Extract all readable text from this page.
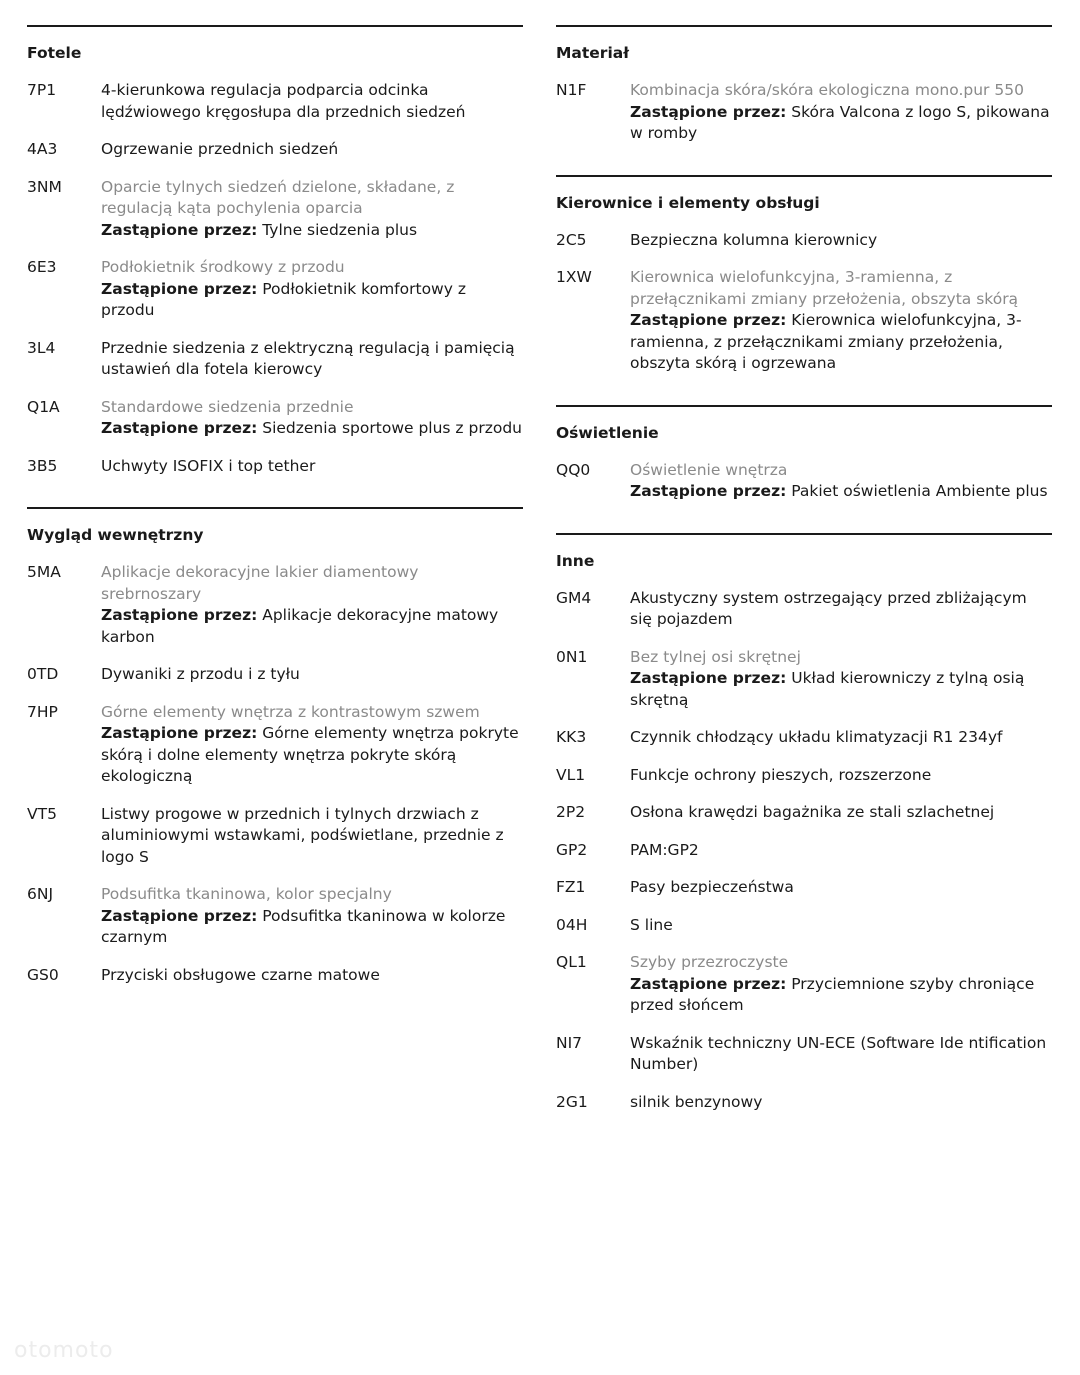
Fotele
7P1	4-kierunkowa regulacja podparcia odcinka lędźwiowego kręgosłupa dla przednich siedzeń
4A3	Ogrzewanie przednich siedzeń
3NM	Oparcie tylnych siedzeń dzielone, składane, z regulacją kąta pochylenia oparcia
Zastąpione przez: Tylne siedzenia plus
6E3	Podłokietnik środkowy z przodu
Zastąpione przez: Podłokietnik komfortowy z przodu
3L4	Przednie siedzenia z elektryczną regulacją i pamięcią ustawień dla fotela kierowcy
Q1A	Standardowe siedzenia przednie
Zastąpione przez: Siedzenia sportowe plus z przodu
3B5	Uchwyty ISOFIX i top tether
Wygląd wewnętrzny
5MA	Aplikacje dekoracyjne lakier diamentowy srebrnoszary
Zastąpione przez: Aplikacje dekoracyjne matowy karbon
0TD	Dywaniki z przodu i z tyłu
7HP	Górne elementy wnętrza z kontrastowym szwem
Zastąpione przez: Górne elementy wnętrza pokryte skórą i dolne elementy wnętrza pokryte skórą ekologiczną
VT5	Listwy progowe w przednich i tylnych drzwiach z aluminiowymi wstawkami, podświetlane, przednie z logo S
6NJ	Podsufitka tkaninowa, kolor specjalny
Zastąpione przez: Podsufitka tkaninowa w kolorze czarnym
GS0	Przyciski obsługowe czarne matowe
Materiał
N1F	Kombinacja skóra/skóra ekologiczna mono.pur 550
Zastąpione przez: Skóra Valcona z logo S, pikowana w romby
Kierownice i elementy obsługi
2C5	Bezpieczna kolumna kierownicy
1XW	Kierownica wielofunkcyjna, 3-ramienna, z przełącznikami zmiany przełożenia, obszyta skórą
Zastąpione przez: Kierownica wielofunkcyjna, 3-ramienna, z przełącznikami zmiany przełożenia, obszyta skórą i ogrzewana
Oświetlenie
QQ0	Oświetlenie wnętrza
Zastąpione przez: Pakiet oświetlenia Ambiente plus
Inne
GM4	Akustyczny system ostrzegający przed zbliżającym się pojazdem
0N1	Bez tylnej osi skrętnej
Zastąpione przez: Układ kierowniczy z tylną osią skrętną
KK3	Czynnik chłodzący układu klimatyzacji R1 234yf
VL1	Funkcje ochrony pieszych, rozszerzone
2P2	Osłona krawędzi bagażnika ze stali szlachetnej
GP2	PAM:GP2
FZ1	Pasy bezpieczeństwa
04H	S line
QL1	Szyby przezroczyste
Zastąpione przez: Przyciemnione szyby chroniące przed słońcem
NI7	Wskaźnik techniczny UN-ECE (Software Ide ntification Number)
2G1	silnik benzynowy
otomoto
